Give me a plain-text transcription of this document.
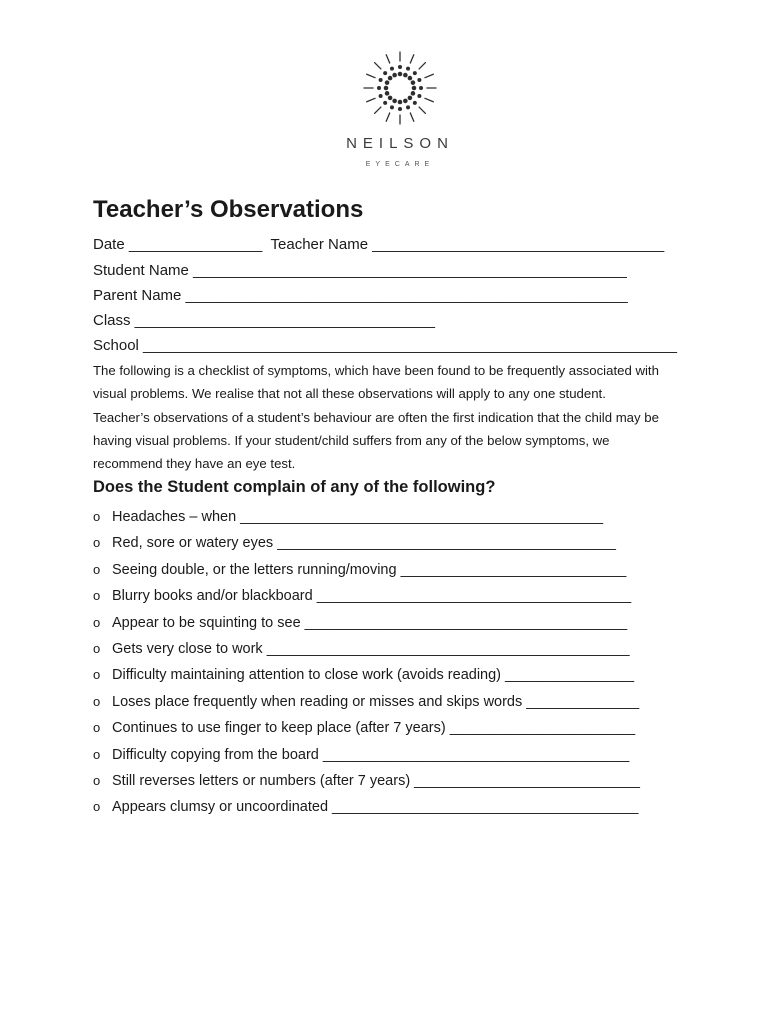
NEILSON
EYECARE
Teacher’s Observations
Date ________________ Teacher Name ___________________________________
Student Name ____________________________________________________
Parent Name _____________________________________________________
Class ____________________________________
School ________________________________________________________________
The following is a checklist of symptoms, which have been found to be frequently associated with
visual problems. We realise that not all these observations will apply to any one student.
Teacher’s observations of a student’s behaviour are often the first indication that the child may be
having visual problems. If your student/child suffers from any of the below symptoms, we
recommend they have an eye test.
Does the Student complain of any of the following?
o Headaches – when _____________________________________________
o Red, sore or watery eyes __________________________________________
o Seeing double, or the letters running/moving ____________________________
o Blurry books and/or blackboard _______________________________________
o Appear to be squinting to see ________________________________________
o Gets very close to work _____________________________________________
o Difficulty maintaining attention to close work (avoids reading) ________________
o Loses place frequently when reading or misses and skips words ______________
o Continues to use finger to keep place (after 7 years) _______________________
o Difficulty copying from the board ______________________________________
o Still reverses letters or numbers (after 7 years) ____________________________
o Appears clumsy or uncoordinated ______________________________________
